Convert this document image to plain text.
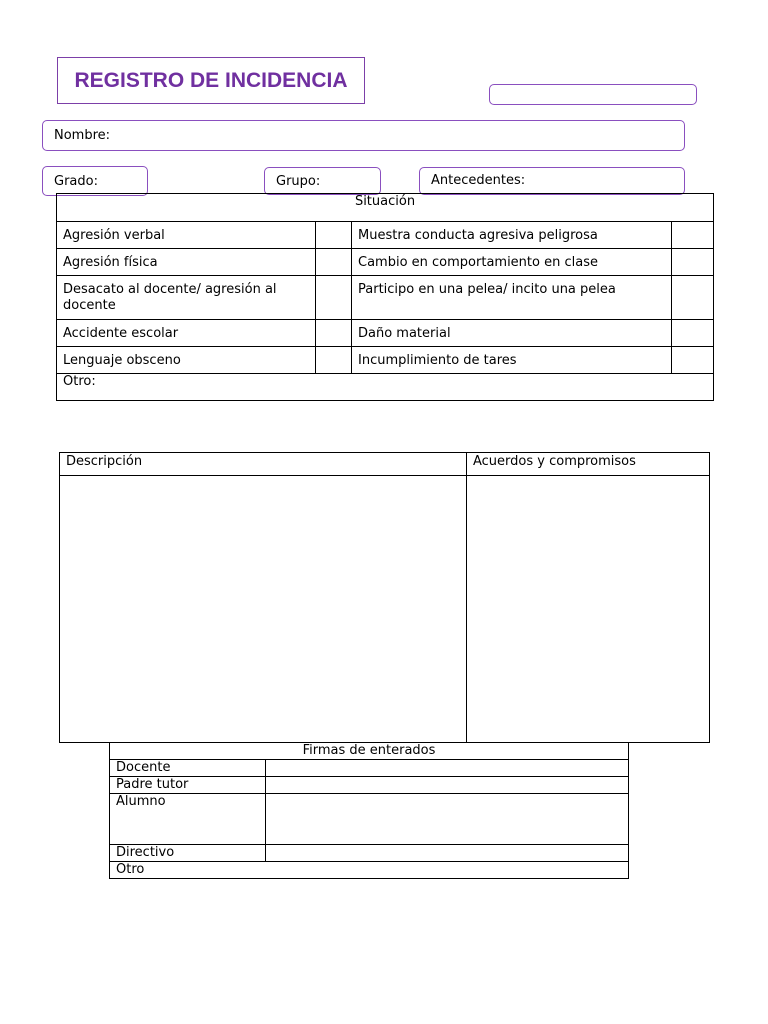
REGISTRO DE INCIDENCIA
Nombre:
Grado:	Grupo:	Antecedentes:
Situación			
Agresión verbal		Muestra conducta agresiva peligrosa	
Agresión física		Cambio en comportamiento en clase	
Desacato al docente/ agresión al docente		Participo en una pelea/ incito una pelea	
Accidente escolar		Daño material	
Lenguaje obsceno		Incumplimiento de tares	
Otro:			
Descripción	Acuerdos y compromisos

Firmas de enterados	
Docente	
Padre tutor	
Alumno	
Directivo	
Otro	
